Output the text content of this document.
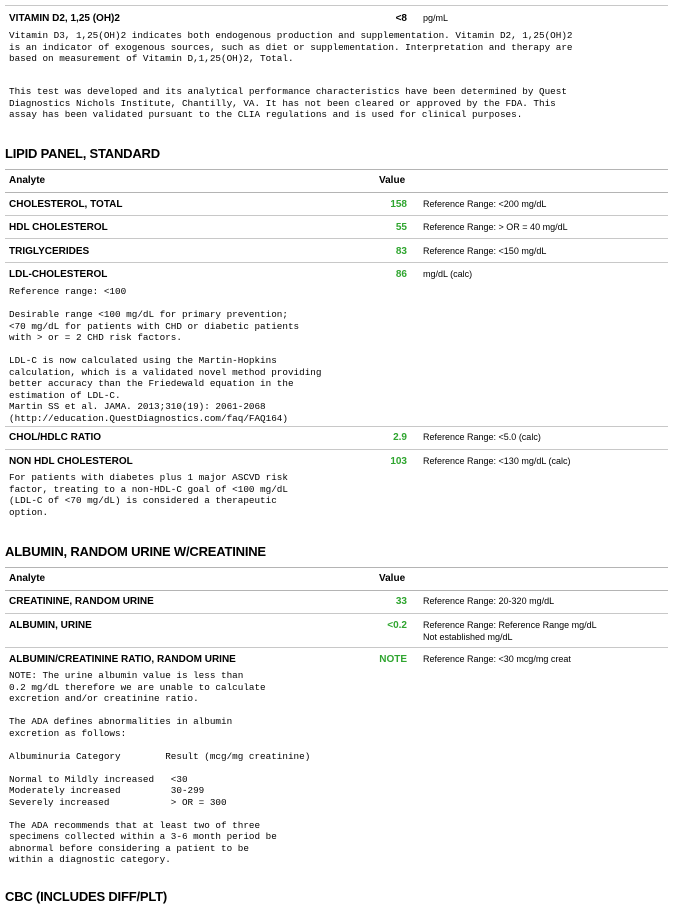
VITAMIN D2, 1,25 (OH)2	<8 pg/mL
Vitamin D3, 1,25(OH)2 indicates both endogenous production and supplementation. Vitamin D2, 1,25(OH)2
is an indicator of exogenous sources, such as diet or supplementation. Interpretation and therapy are
based on measurement of Vitamin D,1,25(OH)2, Total.
This test was developed and its analytical performance characteristics have been determined by Quest
Diagnostics Nichols Institute, Chantilly, VA. It has not been cleared or approved by the FDA. This
assay has been validated pursuant to the CLIA regulations and is used for clinical purposes.
LIPID PANEL, STANDARD
Analyte	Value
CHOLESTEROL, TOTAL	158 Reference Range: <200 mg/dL
HDL CHOLESTEROL	55 Reference Range: > OR = 40 mg/dL
TRIGLYCERIDES	83 Reference Range: <150 mg/dL
LDL-CHOLESTEROL	86 mg/dL (calc)
Reference range: <100

Desirable range <100 mg/dL for primary prevention;
<70 mg/dL for patients with CHD or diabetic patients
with > or = 2 CHD risk factors.

LDL-C is now calculated using the Martin-Hopkins
calculation, which is a validated novel method providing
better accuracy than the Friedewald equation in the
estimation of LDL-C.
Martin SS et al. JAMA. 2013;310(19): 2061-2068
(http://education.QuestDiagnostics.com/faq/FAQ164)
CHOL/HDLC RATIO	2.9 Reference Range: <5.0 (calc)
NON HDL CHOLESTEROL	103 Reference Range: <130 mg/dL (calc)
For patients with diabetes plus 1 major ASCVD risk
factor, treating to a non-HDL-C goal of <100 mg/dL
(LDL-C of <70 mg/dL) is considered a therapeutic
option.
ALBUMIN, RANDOM URINE W/CREATININE
Analyte	Value
CREATININE, RANDOM URINE	33 Reference Range: 20-320 mg/dL
ALBUMIN, URINE	<0.2 Reference Range: Reference Range mg/dL
Not established mg/dL
ALBUMIN/CREATININE RATIO, RANDOM URINE	NOTE Reference Range: <30 mcg/mg creat
NOTE: The urine albumin value is less than
0.2 mg/dL therefore we are unable to calculate
excretion and/or creatinine ratio.

The ADA defines abnormalities in albumin
excretion as follows:

Albuminuria Category        Result (mcg/mg creatinine)

Normal to Mildly increased   <30
Moderately increased         30-299
Severely increased           > OR = 300

The ADA recommends that at least two of three
specimens collected within a 3-6 month period be
abnormal before considering a patient to be
within a diagnostic category.
CBC (INCLUDES DIFF/PLT)
